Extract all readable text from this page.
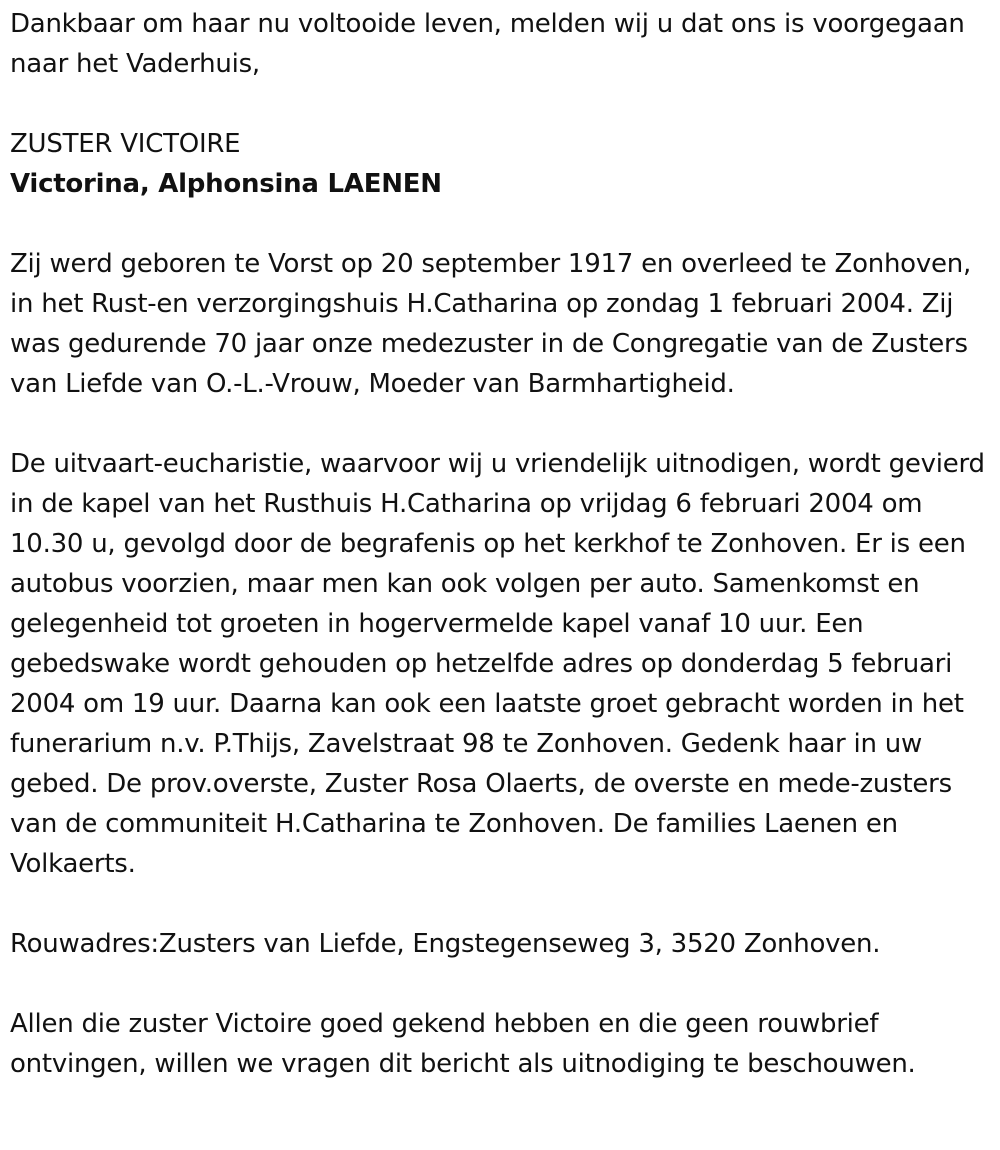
Dankbaar om haar nu voltooide leven, melden wij u dat ons is voorgegaan naar het Vaderhuis,

ZUSTER VICTOIRE

Victorina, Alphonsina LAENEN

Zij werd geboren te Vorst op 20 september 1917 en overleed te Zonhoven, in het Rust-en verzorgingshuis H.Catharina op zondag 1 februari 2004. Zij was gedurende 70 jaar onze medezuster in de Congregatie van de Zusters van Liefde van O.-L.-Vrouw, Moeder van Barmhartigheid.

De uitvaart-eucharistie, waarvoor wij u vriendelijk uitnodigen, wordt gevierd in de kapel van het Rusthuis H.Catharina op vrijdag 6 februari 2004 om 10.30 u, gevolgd door de begrafenis op het kerkhof te Zonhoven. Er is een autobus voorzien, maar men kan ook volgen per auto. Samenkomst en gelegenheid tot groeten in hogervermelde kapel vanaf 10 uur. Een gebedswake wordt gehouden op hetzelfde adres op donderdag 5 februari 2004 om 19 uur. Daarna kan ook een laatste groet gebracht worden in het funerarium n.v. P.Thijs, Zavelstraat 98 te Zonhoven. Gedenk haar in uw gebed. De prov.overste, Zuster Rosa Olaerts, de overste en mede-zusters van de communiteit H.Catharina te Zonhoven. De families Laenen en Volkaerts.

Rouwadres:Zusters van Liefde, Engstegenseweg 3, 3520 Zonhoven.

Allen die zuster Victoire goed gekend hebben en die geen rouwbrief ontvingen, willen we vragen dit bericht als uitnodiging te beschouwen.
